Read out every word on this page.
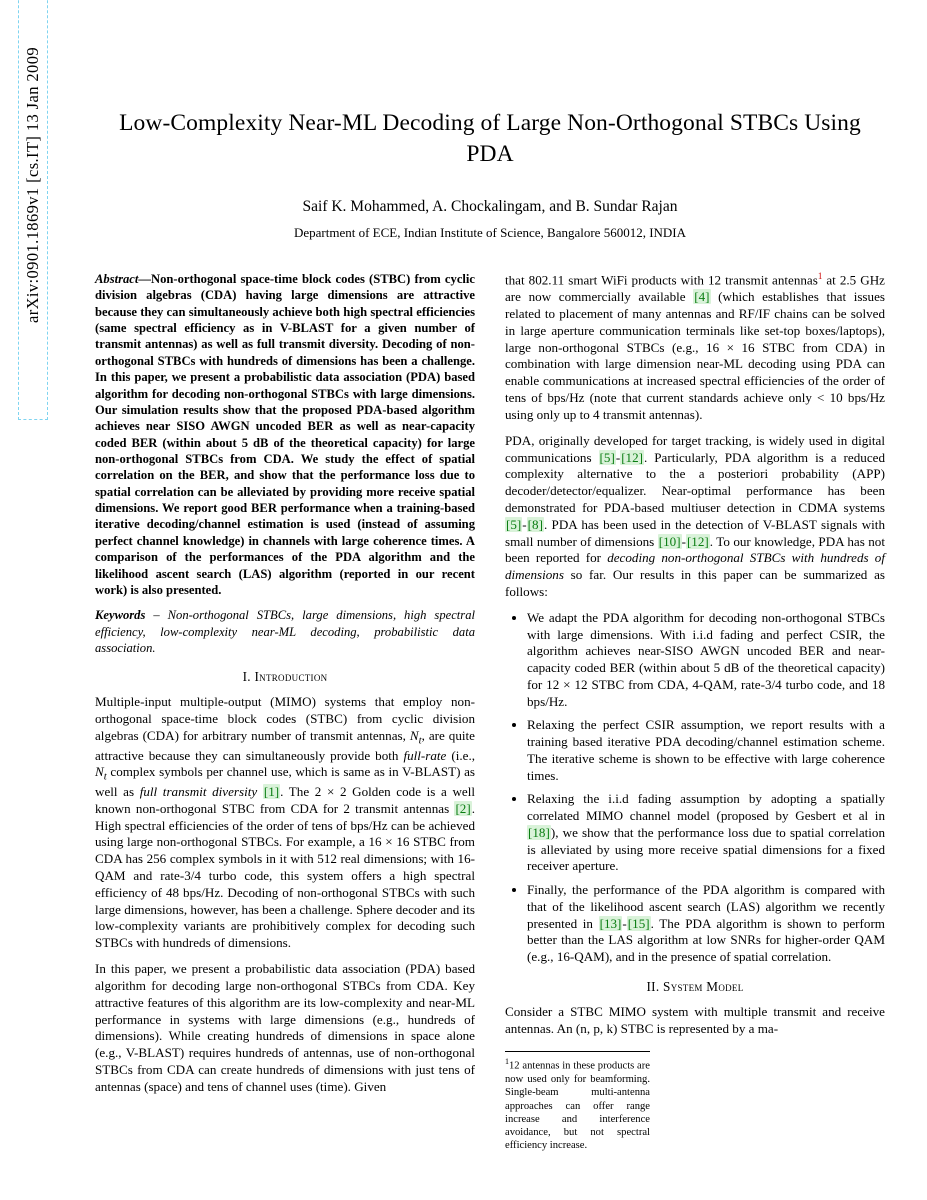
arXiv:0901.1869v1 [cs.IT] 13 Jan 2009	Low-Complexity Near-ML Decoding of Large Non-Orthogonal STBCs Using PDA
Saif K. Mohammed, A. Chockalingam, and B. Sundar Rajan
Department of ECE, Indian Institute of Science, Bangalore 560012, INDIA

Abstract—Non-orthogonal space-time block codes (STBC) from cyclic division algebras (CDA) having large dimensions are attractive because they can simultaneously achieve both high spectral efficiencies (same spectral efficiency as in V-BLAST for a given number of transmit antennas) as well as full transmit diversity. Decoding of non-orthogonal STBCs with hundreds of dimensions has been a challenge. In this paper, we present a probabilistic data association (PDA) based algorithm for decoding non-orthogonal STBCs with large dimensions. Our simulation results show that the proposed PDA-based algorithm achieves near SISO AWGN uncoded BER as well as near-capacity coded BER (within about 5 dB of the theoretical capacity) for large non-orthogonal STBCs from CDA. We study the effect of spatial correlation on the BER, and show that the performance loss due to spatial correlation can be alleviated by providing more receive spatial dimensions. We report good BER performance when a training-based iterative decoding/channel estimation is used (instead of assuming perfect channel knowledge) in channels with large coherence times. A comparison of the performances of the PDA algorithm and the likelihood ascent search (LAS) algorithm (reported in our recent work) is also presented.

Keywords – Non-orthogonal STBCs, large dimensions, high spectral efficiency, low-complexity near-ML decoding, probabilistic data association.

I. Introduction

Multiple-input multiple-output (MIMO) systems that employ non-orthogonal space-time block codes (STBC) from cyclic division algebras (CDA) for arbitrary number of transmit antennas, $N_t$, are quite attractive because they can simultaneously provide both full-rate (i.e., $N_t$ complex symbols per channel use, which is same as in V-BLAST) as well as full transmit diversity [1]. The 2 × 2 Golden code is a well known non-orthogonal STBC from CDA for 2 transmit antennas [2]. High spectral efficiencies of the order of tens of bps/Hz can be achieved using large non-orthogonal STBCs. For example, a 16 × 16 STBC from CDA has 256 complex symbols in it with 512 real dimensions; with 16-QAM and rate-3/4 turbo code, this system offers a high spectral efficiency of 48 bps/Hz. Decoding of non-orthogonal STBCs with such large dimensions, however, has been a challenge. Sphere decoder and its low-complexity variants are prohibitively complex for decoding such STBCs with hundreds of dimensions.

In this paper, we present a probabilistic data association (PDA) based algorithm for decoding large non-orthogonal STBCs from CDA. Key attractive features of this algorithm are its low-complexity and near-ML performance in systems with large dimensions (e.g., hundreds of dimensions). While creating hundreds of dimensions in space alone (e.g., V-BLAST) requires hundreds of antennas, use of non-orthogonal STBCs from CDA can create hundreds of dimensions with just tens of antennas (space) and tens of channel uses (time). Given

that 802.11 smart WiFi products with 12 transmit antennas$^1$ at 2.5 GHz are now commercially available [4] (which establishes that issues related to placement of many antennas and RF/IF chains can be solved in large aperture communication terminals like set-top boxes/laptops), large non-orthogonal STBCs (e.g., 16 × 16 STBC from CDA) in combination with large dimension near-ML decoding using PDA can enable communications at increased spectral efficiencies of the order of tens of bps/Hz (note that current standards achieve only < 10 bps/Hz using only up to 4 transmit antennas).

PDA, originally developed for target tracking, is widely used in digital communications [5]-[12]. Particularly, PDA algorithm is a reduced complexity alternative to the a posteriori probability (APP) decoder/detector/equalizer. Near-optimal performance has been demonstrated for PDA-based multiuser detection in CDMA systems [5]-[8]. PDA has been used in the detection of V-BLAST signals with small number of dimensions [10]-[12]. To our knowledge, PDA has not been reported for decoding non-orthogonal STBCs with hundreds of dimensions so far. Our results in this paper can be summarized as follows:

• We adapt the PDA algorithm for decoding non-orthogonal STBCs with large dimensions. With i.i.d fading and perfect CSIR, the algorithm achieves near-SISO AWGN uncoded BER and near-capacity coded BER (within about 5 dB of the theoretical capacity) for 12 × 12 STBC from CDA, 4-QAM, rate-3/4 turbo code, and 18 bps/Hz.
• Relaxing the perfect CSIR assumption, we report results with a training based iterative PDA decoding/channel estimation scheme. The iterative scheme is shown to be effective with large coherence times.
• Relaxing the i.i.d fading assumption by adopting a spatially correlated MIMO channel model (proposed by Gesbert et al in [18]), we show that the performance loss due to spatial correlation is alleviated by using more receive spatial dimensions for a fixed receiver aperture.
• Finally, the performance of the PDA algorithm is compared with that of the likelihood ascent search (LAS) algorithm we recently presented in [13]-[15]. The PDA algorithm is shown to perform better than the LAS algorithm at low SNRs for higher-order QAM (e.g., 16-QAM), and in the presence of spatial correlation.
II. System Model

Consider a STBC MIMO system with multiple transmit and receive antennas. An (n, p, k) STBC is represented by a ma-

$^1$12 antennas in these products are now used only for beamforming. Single-beam multi-antenna approaches can offer range increase and interference avoidance, but not spectral efficiency increase.
